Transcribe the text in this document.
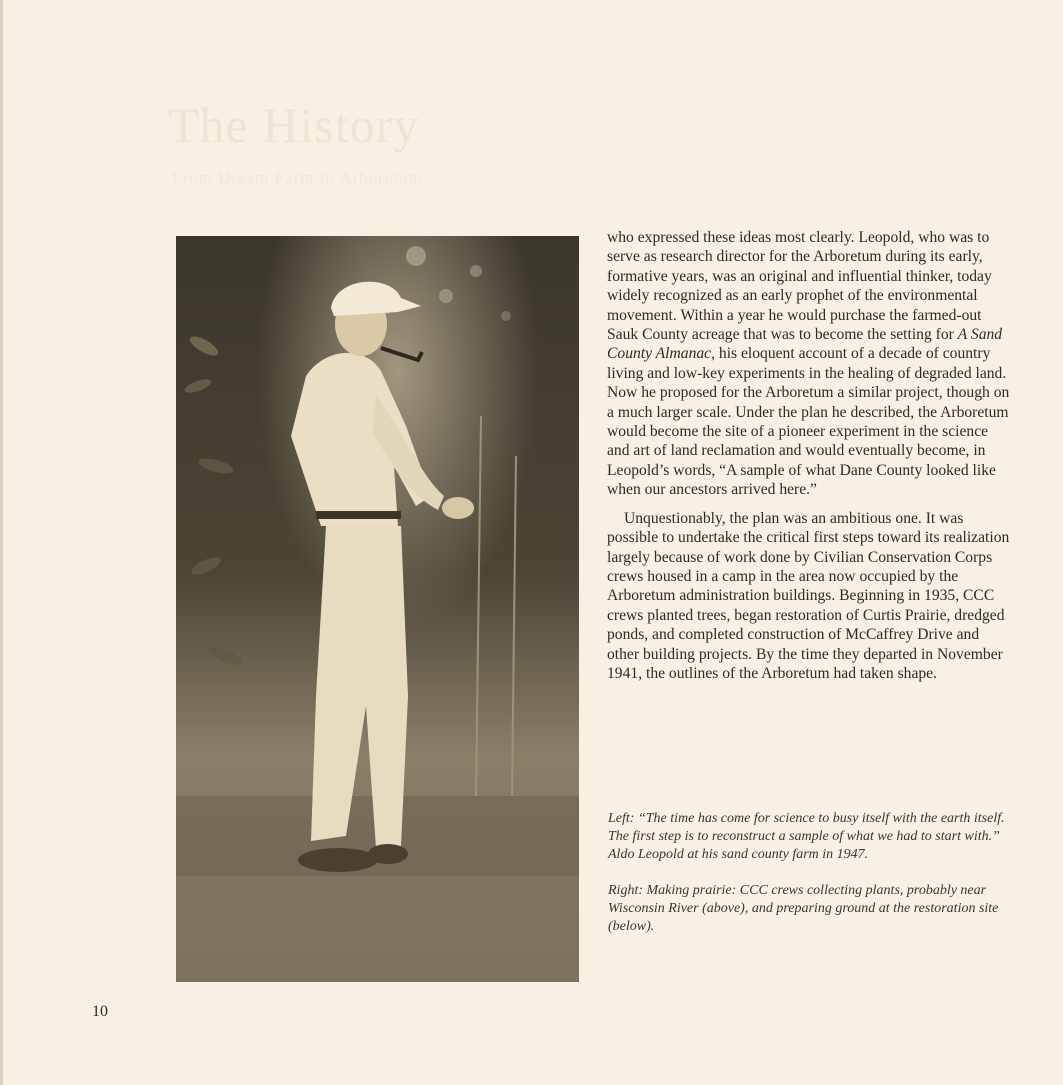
The History
From Dream Farm to Arboretum

who expressed these ideas most clearly. Leopold, who was to serve as research director for the Arboretum during its early, formative years, was an original and influential thinker, today widely recognized as an early prophet of the environmental movement. Within a year he would purchase the farmed-out Sauk County acreage that was to become the setting for A Sand County Almanac, his eloquent account of a decade of country living and low-key experiments in the healing of degraded land. Now he proposed for the Arboretum a similar project, though on a much larger scale. Under the plan he described, the Arboretum would become the site of a pioneer experiment in the science and art of land reclamation and would eventually become, in Leopold’s words, “A sample of what Dane County looked like when our ancestors arrived here.”

Unquestionably, the plan was an ambitious one. It was possible to undertake the critical first steps toward its realization largely because of work done by Civilian Conservation Corps crews housed in a camp in the area now occupied by the Arboretum administration buildings. Beginning in 1935, CCC crews planted trees, began restoration of Curtis Prairie, dredged ponds, and completed construction of McCaffrey Drive and other building projects. By the time they departed in November 1941, the outlines of the Arboretum had taken shape.

Left: “The time has come for science to busy itself with the earth itself. The first step is to reconstruct a sample of what we had to start with.” Aldo Leopold at his sand county farm in 1947.

Right: Making prairie: CCC crews collecting plants, probably near Wisconsin River (above), and preparing ground at the restoration site (below).

10
